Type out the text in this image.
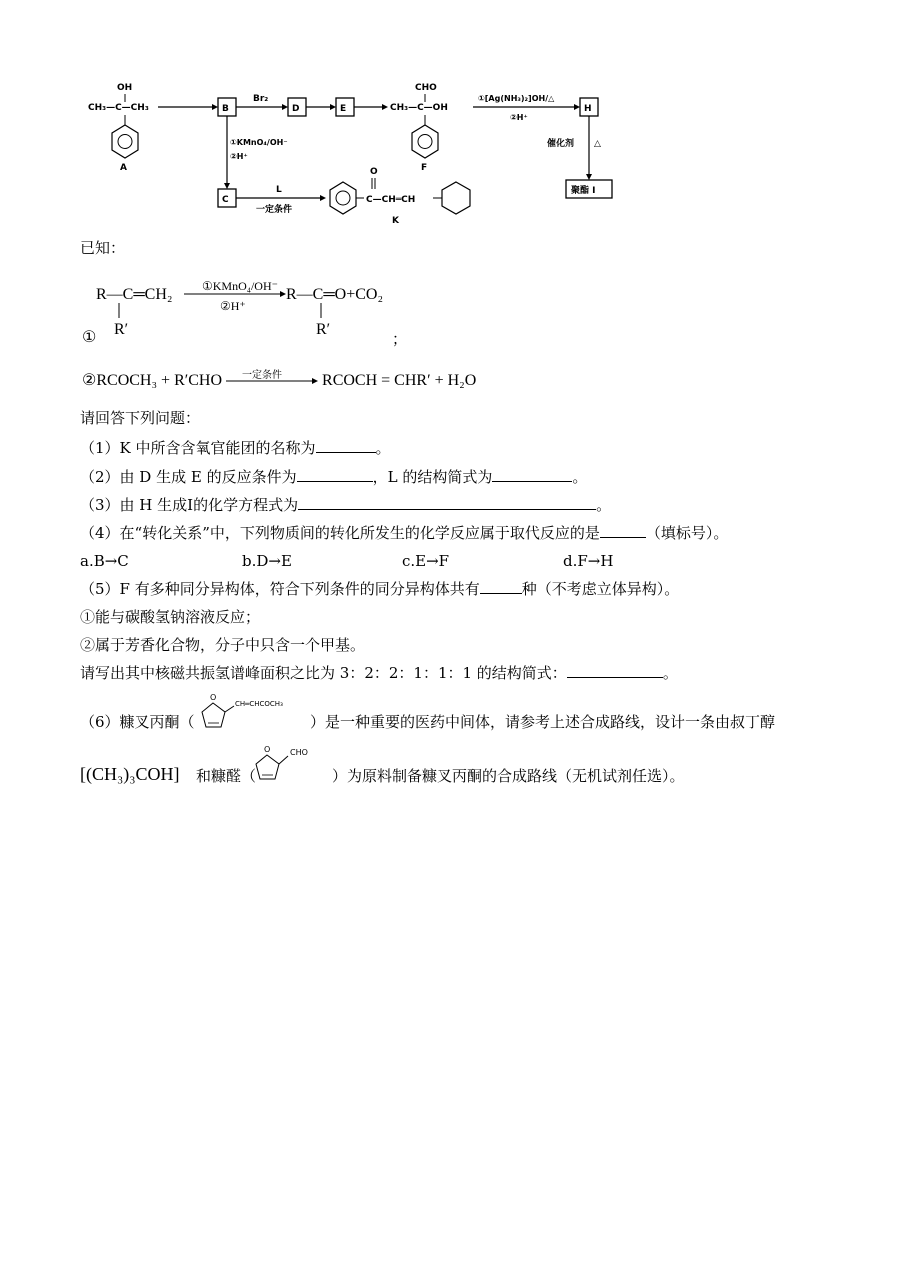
OH
CH₃—C—CH₃
A
B
Br₂
D	E
CHO
CH₃—C—OH
F
①[Ag(NH₃)₂]OH/△
②H⁺
H
催化剂 △
聚酯 I
①KMnO₄/OH⁻
②H⁺
C
L
一定条件
O
C—CH═CH
K
已知：
R—C═CH₂
R′
①KMnO₄/OH⁻
②H⁺
R—C═O+CO₂
R′
①	；
②RCOCH₃ + R′CHO 一定条件	RCOCH = CHR′ + H₂O
请回答下列问题：
（1）K 中所含含氧官能团的名称为	。
（2）由 D 生成 E 的反应条件为	，L 的结构简式为	。
（3）由 H 生成I的化学方程式为	。
（4）在“转化关系”中，下列物质间的转化所发生的化学反应属于取代反应的是	（填标号）。
a.B→C	b.D→E	c.E→F	d.F→H
（5）F 有多种同分异构体，符合下列条件的同分异构体共有	种（不考虑立体异构）。
①能与碳酸氢钠溶液反应；
②属于芳香化合物，分子中只含一个甲基。
请写出其中核磁共振氢谱峰面积之比为 3：2：2：1：1：1 的结构简式：	。
（6）糠叉丙酮（
O
CH═CHCOCH₃
）是一种重要的医药中间体，请参考上述合成路线，设计一条由叔丁醇
[(CH₃)₃COH] 和糠醛（
O CHO
）为原料制备糠叉丙酮的合成路线（无机试剂任选）。
